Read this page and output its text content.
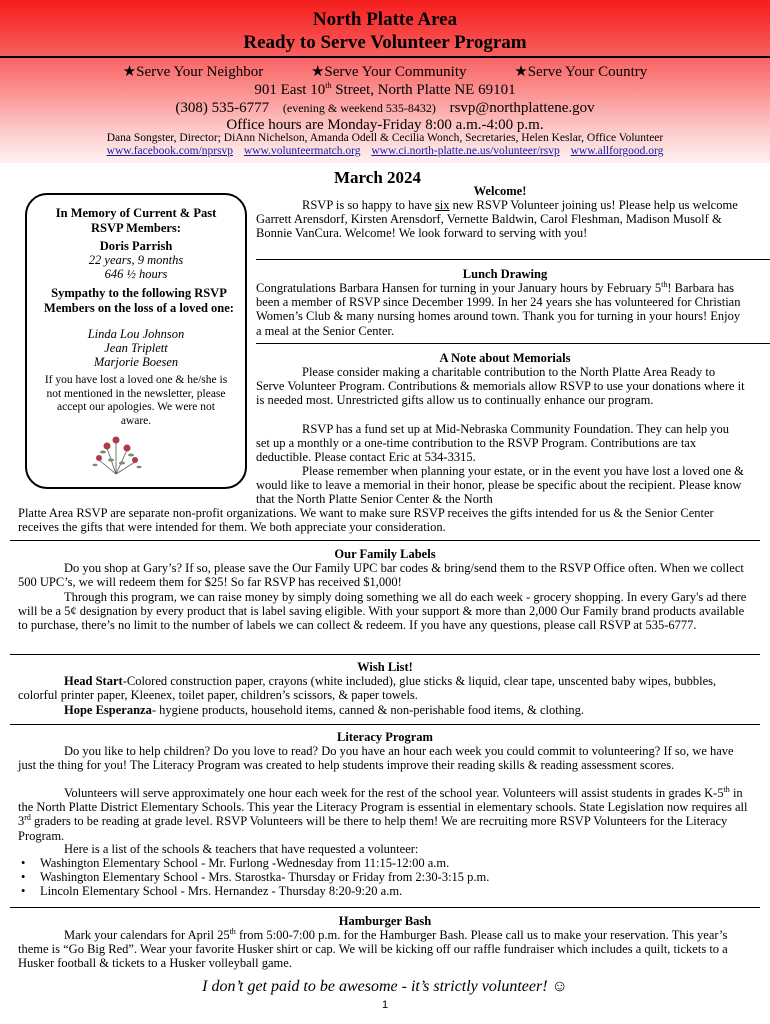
North Platte Area
Ready to Serve Volunteer Program
★Serve Your Neighbor	★Serve Your Community	★Serve Your Country
901 East 10th Street, North Platte NE 69101
(308) 535-6777 (evening & weekend 535-8432) rsvp@northplattene.gov
Office hours are Monday-Friday 8:00 a.m.-4:00 p.m.
Dana Songster, Director; DiAnn Nichelson, Amanda Odell & Cecilia Wonch, Secretaries, Helen Keslar, Office Volunteer
www.facebook.com/nprsvp www.volunteermatch.org www.ci.north-platte.ne.us/volunteer/rsvp www.allforgood.org
March 2024
In Memory of Current & Past RSVP Members:
Doris Parrish
22 years, 9 months
646 ½ hours
Sympathy to the following RSVP Members on the loss of a loved one:
Linda Lou Johnson
Jean Triplett
Marjorie Boesen
If you have lost a loved one & he/she is not mentioned in the newsletter, please accept our apologies. We were not aware.
Welcome!
RSVP is so happy to have six new RSVP Volunteer joining us! Please help us welcome Garrett Arensdorf, Kirsten Arensdorf, Vernette Baldwin, Carol Fleshman, Madison Musolf & Bonnie VanCura. Welcome! We look forward to serving with you!
Lunch Drawing
Congratulations Barbara Hansen for turning in your January hours by February 5th! Barbara has been a member of RSVP since December 1999. In her 24 years she has volunteered for Christian Women’s Club & many nursing homes around town. Thank you for turning in your hours! Enjoy a meal at the Senior Center.
A Note about Memorials
Please consider making a charitable contribution to the North Platte Area Ready to Serve Volunteer Program. Contributions & memorials allow RSVP to use your donations where it is needed most. Unrestricted gifts allow us to continually enhance our program.
RSVP has a fund set up at Mid-Nebraska Community Foundation. They can help you set up a monthly or a one-time contribution to the RSVP Program. Contributions are tax deductible. Please contact Eric at 534-3315.
Please remember when planning your estate, or in the event you have lost a loved one & would like to leave a memorial in their honor, please be specific about the recipient. Please know that the North Platte Senior Center & the North
Platte Area RSVP are separate non-profit organizations. We want to make sure RSVP receives the gifts intended for us & the Senior Center receives the gifts that were intended for them. We both appreciate your consideration.
Our Family Labels
Do you shop at Gary’s? If so, please save the Our Family UPC bar codes & bring/send them to the RSVP Office often. When we collect 500 UPC’s, we will redeem them for $25! So far RSVP has received $1,000!
Through this program, we can raise money by simply doing something we all do each week - grocery shopping. In every Gary's ad there will be a 5¢ designation by every product that is label saving eligible. With your support & more than 2,000 Our Family brand products available to purchase, there’s no limit to the number of labels we can collect & redeem. If you have any questions, please call RSVP at 535-6777.
Wish List!
Head Start-Colored construction paper, crayons (white included), glue sticks & liquid, clear tape, unscented baby wipes, bubbles, colorful printer paper, Kleenex, toilet paper, children’s scissors, & paper towels.
Hope Esperanza- hygiene products, household items, canned & non-perishable food items, & clothing.
Literacy Program
Do you like to help children? Do you love to read? Do you have an hour each week you could commit to volunteering? If so, we have just the thing for you! The Literacy Program was created to help students improve their reading skills & reading assessment scores.
Volunteers will serve approximately one hour each week for the rest of the school year. Volunteers will assist students in grades K-5th in the North Platte District Elementary Schools. This year the Literacy Program is essential in elementary schools. State Legislation now requires all 3rd graders to be reading at grade level. RSVP Volunteers will be there to help them! We are recruiting more RSVP Volunteers for the Literacy Program.
Here is a list of the schools & teachers that have requested a volunteer:
• Washington Elementary School - Mr. Furlong -Wednesday from 11:15-12:00 a.m.
• Washington Elementary School - Mrs. Starostka- Thursday or Friday from 2:30-3:15 p.m.
• Lincoln Elementary School - Mrs. Hernandez - Thursday 8:20-9:20 a.m.
Hamburger Bash
Mark your calendars for April 25th from 5:00-7:00 p.m. for the Hamburger Bash. Please call us to make your reservation. This year’s theme is “Go Big Red”. Wear your favorite Husker shirt or cap. We will be kicking off our raffle fundraiser which includes a quilt, tickets to a Husker football & tickets to a Husker volleyball game.
I don’t get paid to be awesome - it’s strictly volunteer! ☺
1
